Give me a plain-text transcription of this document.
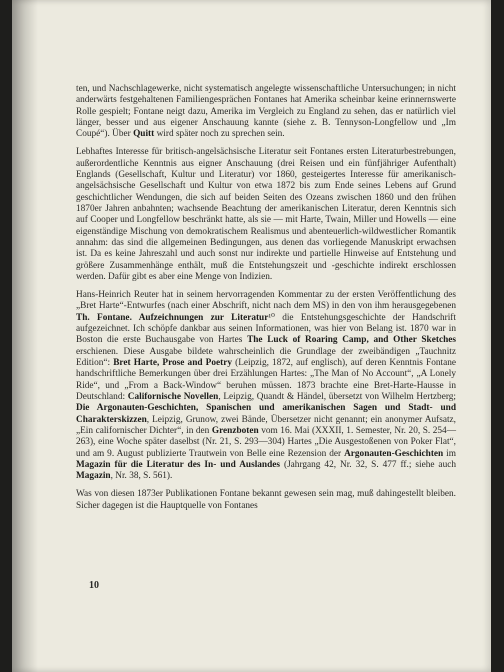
ten, und Nachschlagewerke, nicht systematisch angelegte wissenschaftliche Untersuchungen; in nicht anderwärts festgehaltenen Familiengesprächen Fontanes hat Amerika scheinbar keine erinnernswerte Rolle gespielt; Fontane neigt dazu, Amerika im Vergleich zu England zu sehen, das er natürlich viel länger, besser und aus eigener Anschauung kannte (siehe z. B. Tennyson-Longfellow und „Im Coupé“). Über Quitt wird später noch zu sprechen sein.

Lebhaftes Interesse für britisch-angelsächsische Literatur seit Fontanes ersten Literaturbestrebungen, außerordentliche Kenntnis aus eigner Anschauung (drei Reisen und ein fünfjähriger Aufenthalt) Englands (Gesellschaft, Kultur und Literatur) vor 1860, gesteigertes Interesse für amerikanisch-angelsächsische Gesellschaft und Kultur von etwa 1872 bis zum Ende seines Lebens auf Grund geschichtlicher Wendungen, die sich auf beiden Seiten des Ozeans zwischen 1860 und den frühen 1870er Jahren anbahnten; wachsende Beachtung der amerikanischen Literatur, deren Kenntnis sich auf Cooper und Longfellow beschränkt hatte, als sie — mit Harte, Twain, Miller und Howells — eine eigenständige Mischung von demokratischem Realismus und abenteuerlich-wildwestlicher Romantik annahm: das sind die allgemeinen Bedingungen, aus denen das vorliegende Manuskript erwachsen ist. Da es keine Jahreszahl und auch sonst nur indirekte und partielle Hinweise auf Entstehung und größere Zusammenhänge enthält, muß die Entstehungszeit und -geschichte indirekt erschlossen werden. Dafür gibt es aber eine Menge von Indizien.

Hans-Heinrich Reuter hat in seinem hervorragenden Kommentar zu der ersten Veröffentlichung des „Bret Harte“-Entwurfes (nach einer Abschrift, nicht nach dem MS) in den von ihm herausgegebenen Th. Fontane. Aufzeichnungen zur Literatur¹⁰ die Entstehungsgeschichte der Handschrift aufgezeichnet. Ich schöpfe dankbar aus seinen Informationen, was hier von Belang ist. 1870 war in Boston die erste Buchausgabe von Hartes The Luck of Roaring Camp, and Other Sketches erschienen. Diese Ausgabe bildete wahrscheinlich die Grundlage der zweibändigen „Tauchnitz Edition“: Bret Harte, Prose and Poetry (Leipzig, 1872, auf englisch), auf deren Kenntnis Fontane handschriftliche Bemerkungen über drei Erzählungen Hartes: „The Man of No Account“, „A Lonely Ride“, und „From a Back-Window“ beruhen müssen. 1873 brachte eine Bret-Harte-Hausse in Deutschland: Californische Novellen, Leipzig, Quandt & Händel, übersetzt von Wilhelm Hertzberg; Die Argonauten-Geschichten, Spanischen und amerikanischen Sagen und Stadt- und Charakterskizzen, Leipzig, Grunow, zwei Bände, Übersetzer nicht genannt; ein anonymer Aufsatz, „Ein californischer Dichter“, in den Grenzboten vom 16. Mai (XXXII, 1. Semester, Nr. 20, S. 254—263), eine Woche später daselbst (Nr. 21, S. 293—304) Hartes „Die Ausgestoßenen von Poker Flat“, und am 9. August publizierte Trautwein von Belle eine Rezension der Argonauten-Geschichten im Magazin für die Literatur des In- und Auslandes (Jahrgang 42, Nr. 32, S. 477 ff.; siehe auch Magazin, Nr. 38, S. 561).

Was von diesen 1873er Publikationen Fontane bekannt gewesen sein mag, muß dahingestellt bleiben. Sicher dagegen ist die Hauptquelle von Fontanes

10
